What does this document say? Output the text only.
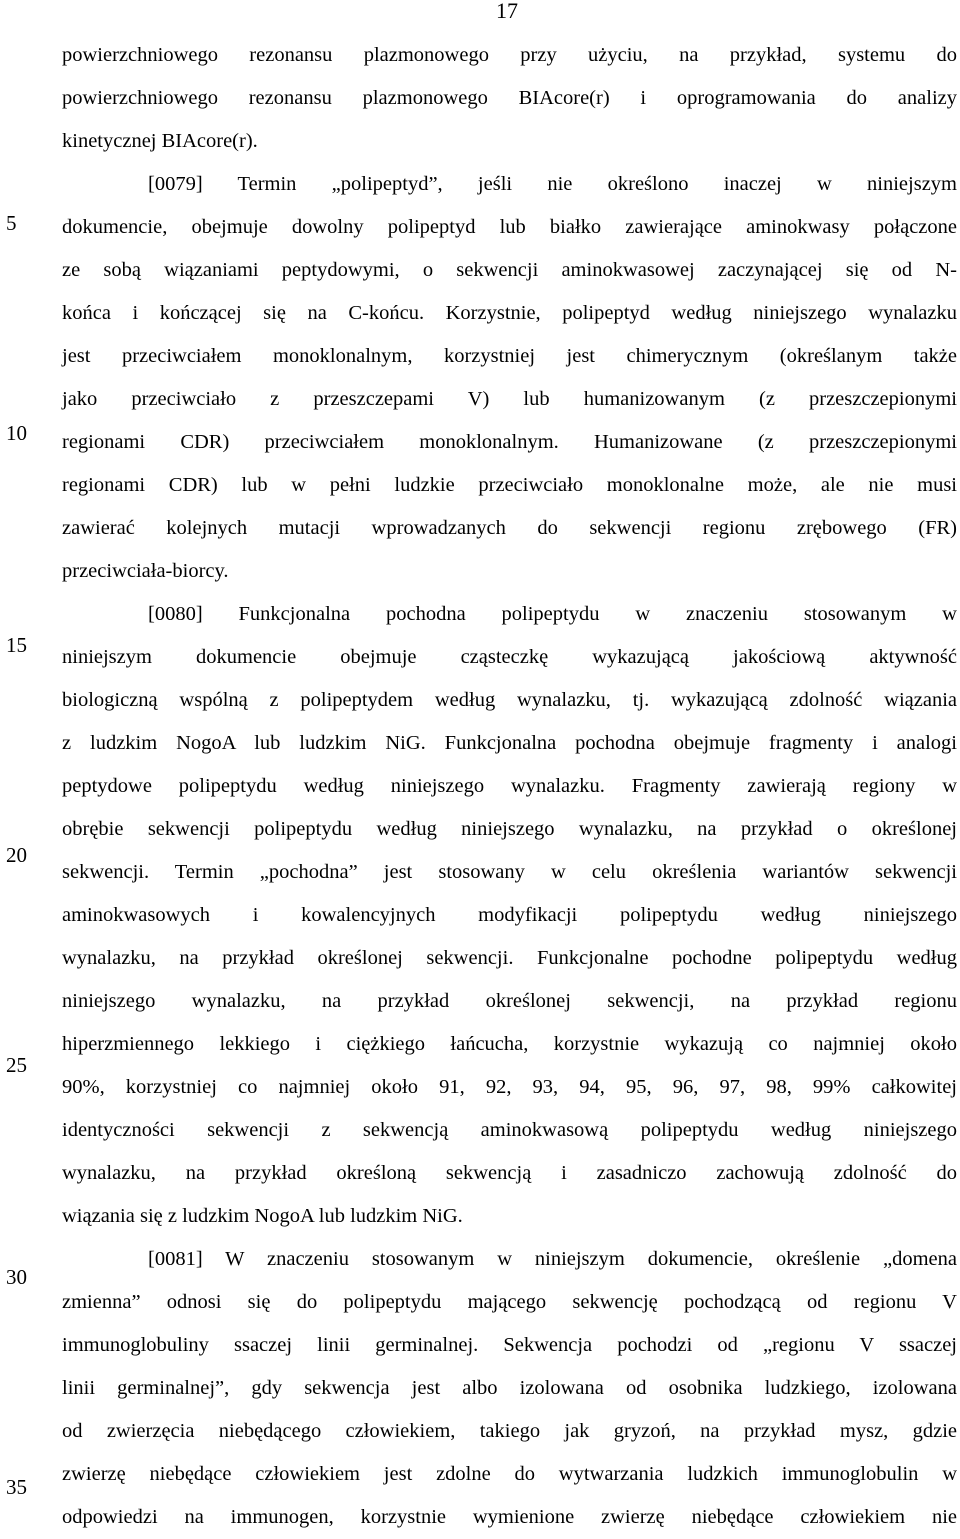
17
5
10
15
20
25
30
35
powierzchniowego rezonansu plazmonowego przy użyciu, na przykład, systemu do
powierzchniowego rezonansu plazmonowego BIAcore(r) i oprogramowania do analizy
kinetycznej BIAcore(r).
[0079] Termin „polipeptyd”, jeśli nie określono inaczej w niniejszym
dokumencie, obejmuje dowolny polipeptyd lub białko zawierające aminokwasy połączone
ze sobą wiązaniami peptydowymi, o sekwencji aminokwasowej zaczynającej się od N-
końca i kończącej się na C-końcu. Korzystnie, polipeptyd według niniejszego wynalazku
jest przeciwciałem monoklonalnym, korzystniej jest chimerycznym (określanym także
jako przeciwciało z przeszczepami V) lub humanizowanym (z przeszczepionymi
regionami CDR) przeciwciałem monoklonalnym. Humanizowane (z przeszczepionymi
regionami CDR) lub w pełni ludzkie przeciwciało monoklonalne może, ale nie musi
zawierać kolejnych mutacji wprowadzanych do sekwencji regionu zrębowego (FR)
przeciwciała-biorcy.
[0080] Funkcjonalna pochodna polipeptydu w znaczeniu stosowanym w
niniejszym dokumencie obejmuje cząsteczkę wykazującą jakościową aktywność
biologiczną wspólną z polipeptydem według wynalazku, tj. wykazującą zdolność wiązania
z ludzkim NogoA lub ludzkim NiG. Funkcjonalna pochodna obejmuje fragmenty i analogi
peptydowe polipeptydu według niniejszego wynalazku. Fragmenty zawierają regiony w
obrębie sekwencji polipeptydu według niniejszego wynalazku, na przykład o określonej
sekwencji. Termin „pochodna” jest stosowany w celu określenia wariantów sekwencji
aminokwasowych i kowalencyjnych modyfikacji polipeptydu według niniejszego
wynalazku, na przykład określonej sekwencji. Funkcjonalne pochodne polipeptydu według
niniejszego wynalazku, na przykład określonej sekwencji, na przykład regionu
hiperzmiennego lekkiego i ciężkiego łańcucha, korzystnie wykazują co najmniej około
90%, korzystniej co najmniej około 91, 92, 93, 94, 95, 96, 97, 98, 99% całkowitej
identyczności sekwencji z sekwencją aminokwasową polipeptydu według niniejszego
wynalazku, na przykład określoną sekwencją i zasadniczo zachowują zdolność do
wiązania się z ludzkim NogoA lub ludzkim NiG.
[0081] W znaczeniu stosowanym w niniejszym dokumencie, określenie „domena
zmienna” odnosi się do polipeptydu mającego sekwencję pochodzącą od regionu V
immunoglobuliny ssaczej linii germinalnej. Sekwencja pochodzi od „regionu V ssaczej
linii germinalnej”, gdy sekwencja jest albo izolowana od osobnika ludzkiego, izolowana
od zwierzęcia niebędącego człowiekiem, takiego jak gryzoń, na przykład mysz, gdzie
zwierzę niebędące człowiekiem jest zdolne do wytwarzania ludzkich immunoglobulin w
odpowiedzi na immunogen, korzystnie wymienione zwierzę niebędące człowiekiem nie
